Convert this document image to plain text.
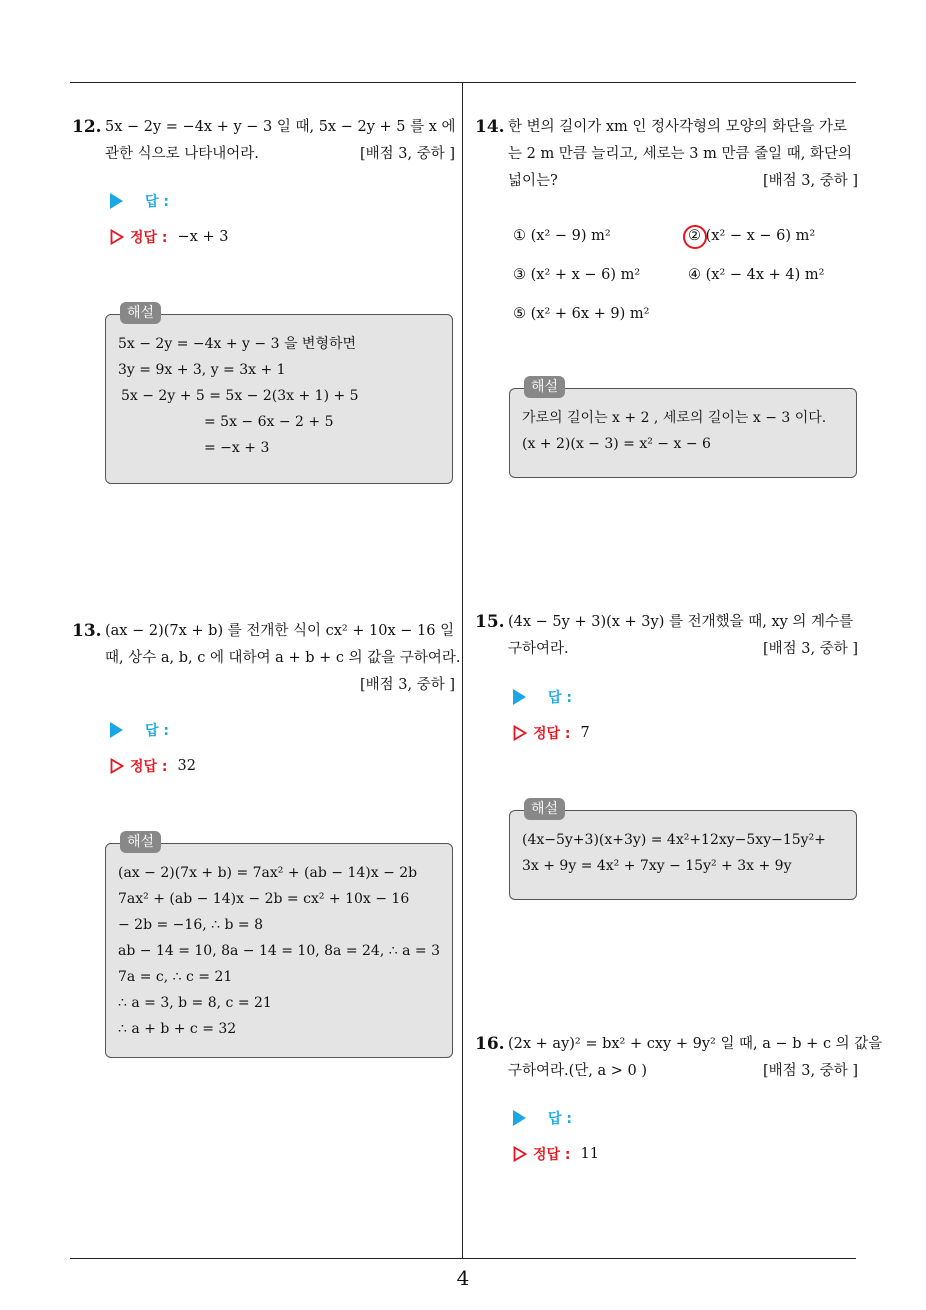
12. 5x − 2y = −4x + y − 3 일 때, 5x − 2y + 5 를 x 에
관한 식으로 나타내어라.	[배점 3, 중하 ]
답 :
정답 : −x + 3
해설
5x − 2y = −4x + y − 3 을 변형하면
3y = 9x + 3, y = 3x + 1
5x − 2y + 5 = 5x − 2(3x + 1) + 5
= 5x − 6x − 2 + 5
= −x + 3
13. (ax − 2)(7x + b) 를 전개한 식이 cx² + 10x − 16 일
때, 상수 a, b, c 에 대하여 a + b + c 의 값을 구하여라.
[배점 3, 중하 ]
답 :
정답 : 32
해설
(ax − 2)(7x + b) = 7ax² + (ab − 14)x − 2b
7ax² + (ab − 14)x − 2b = cx² + 10x − 16
− 2b = −16, ∴ b = 8
ab − 14 = 10, 8a − 14 = 10, 8a = 24, ∴ a = 3
7a = c, ∴ c = 21
∴ a = 3, b = 8, c = 21
∴ a + b + c = 32
14. 한 변의 길이가 xm 인 정사각형의 모양의 화단을 가로
는 2 m 만큼 늘리고, 세로는 3 m 만큼 줄일 때, 화단의
넓이는?	[배점 3, 중하 ]
① (x² − 9) m²	② (x² − x − 6) m²
③ (x² + x − 6) m²	④ (x² − 4x + 4) m²
⑤ (x² + 6x + 9) m²
해설
가로의 길이는 x + 2 , 세로의 길이는 x − 3 이다.
(x + 2)(x − 3) = x² − x − 6
15. (4x − 5y + 3)(x + 3y) 를 전개했을 때, xy 의 계수를
구하여라.	[배점 3, 중하 ]
답 :
정답 : 7
해설
(4x−5y+3)(x+3y) = 4x²+12xy−5xy−15y²+
3x + 9y = 4x² + 7xy − 15y² + 3x + 9y
16. (2x + ay)² = bx² + cxy + 9y² 일 때, a − b + c 의 값을
구하여라.(단, a > 0 )	[배점 3, 중하 ]
답 :
정답 : 11
4
